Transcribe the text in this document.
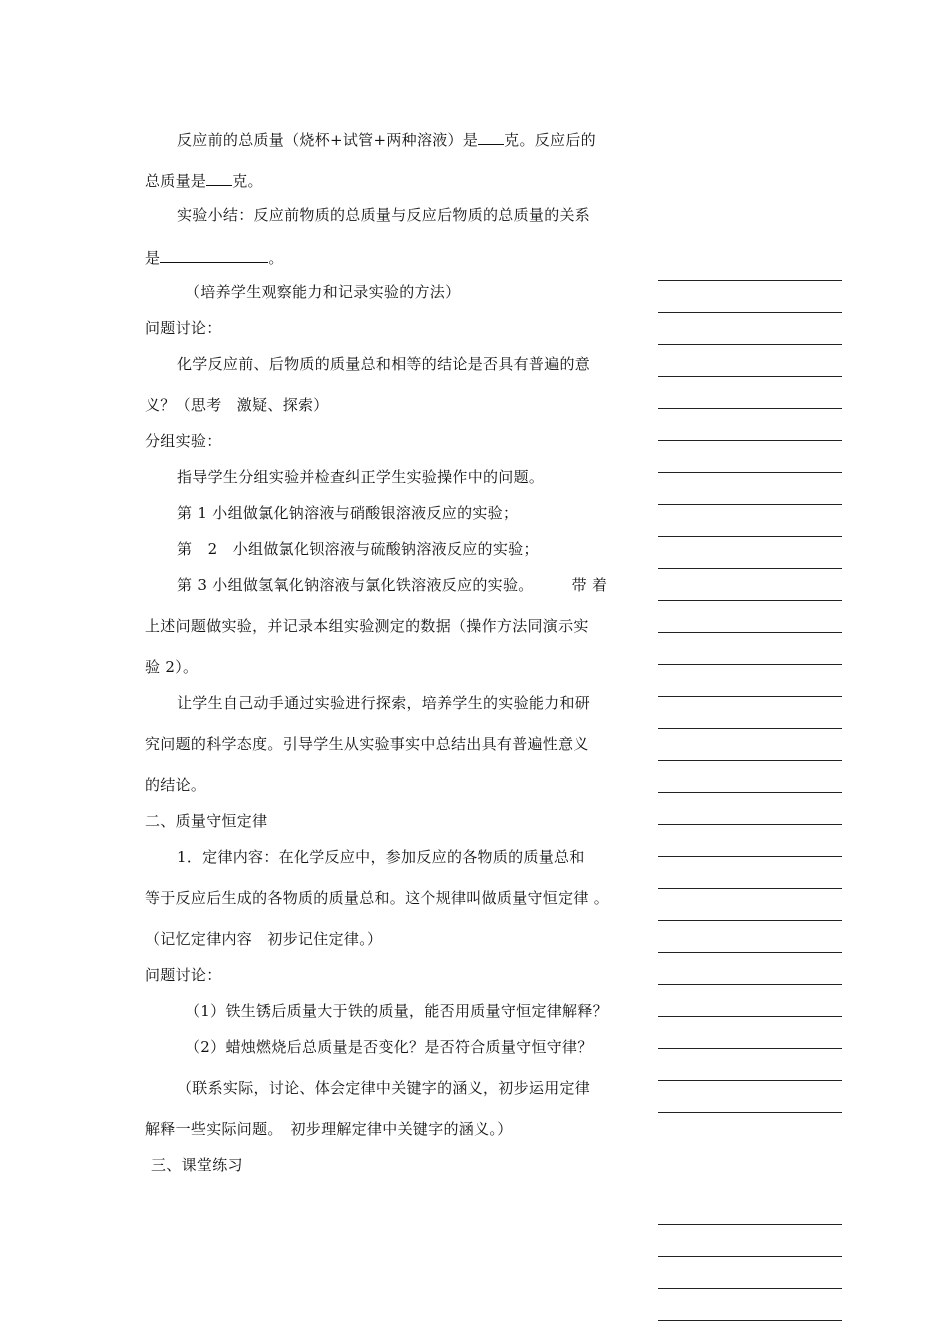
反应前的总质量（烧杯+试管+两种溶液）是 克。反应后的
总质量是 克。
实验小结：反应前物质的总质量与反应后物质的总质量的关系
是	。
（培养学生观察能力和记录实验的方法）
问题讨论：
化学反应前、后物质的质量总和相等的结论是否具有普遍的意
义？（思考　激疑、探索）
分组实验：
指导学生分组实验并检查纠正学生实验操作中的问题。
第 1 小组做氯化钠溶液与硝酸银溶液反应的实验；
第　2　小组做氯化钡溶液与硫酸钠溶液反应的实验；
第 3 小组做氢氧化钠溶液与氯化铁溶液反应的实验。	带 着
上述问题做实验，并记录本组实验测定的数据（操作方法同演示实
验 2）。
让学生自己动手通过实验进行探索，培养学生的实验能力和研
究问题的科学态度。引导学生从实验事实中总结出具有普遍性意义
的结论。
二、质量守恒定律
1．定律内容：在化学反应中，参加反应的各物质的质量总和
等于反应后生成的各物质的质量总和。这个规律叫做质量守恒定律 。
（记忆定律内容　初步记住定律。）
问题讨论：
（1）铁生锈后质量大于铁的质量，能否用质量守恒定律解释？
（2）蜡烛燃烧后总质量是否变化？是否符合质量守恒守律？
（联系实际，讨论、体会定律中关键字的涵义，初步运用定律
解释一些实际问题。　初步理解定律中关键字的涵义。）
三、课堂练习
